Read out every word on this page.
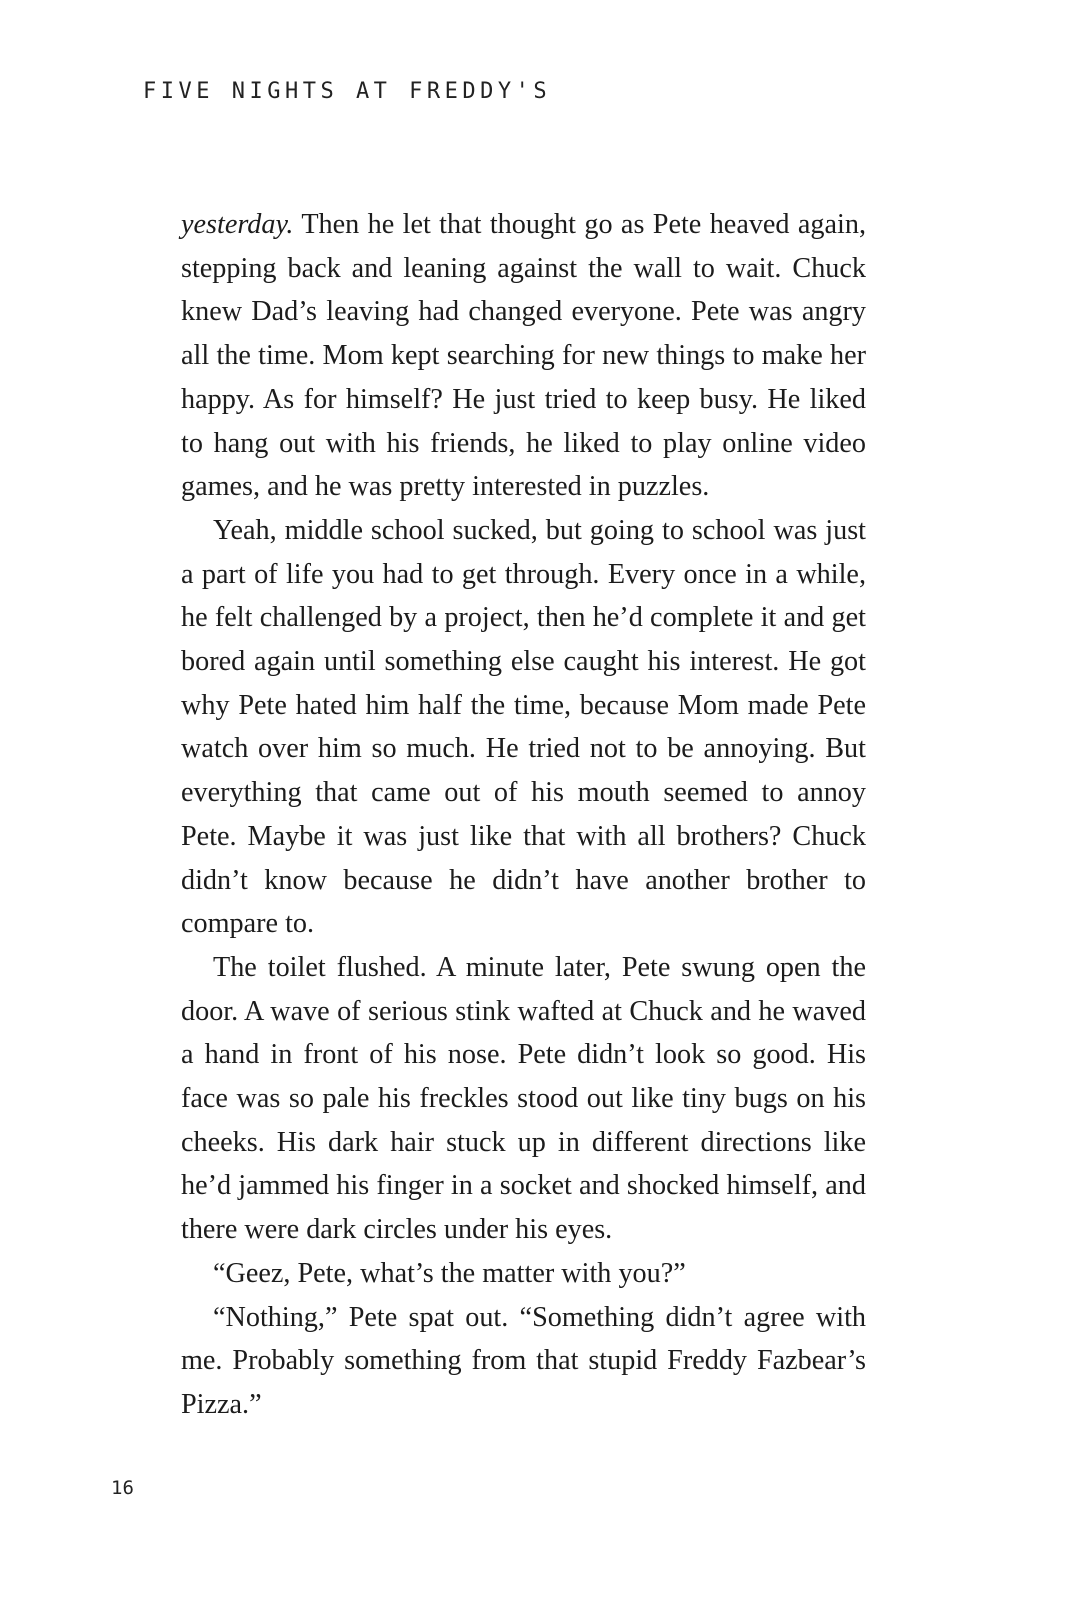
FIVE NIGHTS AT FREDDY'S

yesterday. Then he let that thought go as Pete heaved again, stepping back and leaning against the wall to wait. Chuck knew Dad’s leaving had changed everyone. Pete was angry all the time. Mom kept searching for new things to make her happy. As for himself? He just tried to keep busy. He liked to hang out with his friends, he liked to play online video games, and he was pretty interested in puzzles.

Yeah, middle school sucked, but going to school was just a part of life you had to get through. Every once in a while, he felt challenged by a project, then he’d complete it and get bored again until something else caught his interest. He got why Pete hated him half the time, because Mom made Pete watch over him so much. He tried not to be annoying. But everything that came out of his mouth seemed to annoy Pete. Maybe it was just like that with all brothers? Chuck didn’t know because he didn’t have another brother to compare to.

The toilet flushed. A minute later, Pete swung open the door. A wave of serious stink wafted at Chuck and he waved a hand in front of his nose. Pete didn’t look so good. His face was so pale his freckles stood out like tiny bugs on his cheeks. His dark hair stuck up in different directions like he’d jammed his finger in a socket and shocked himself, and there were dark circles under his eyes.

“Geez, Pete, what’s the matter with you?”

“Nothing,” Pete spat out. “Something didn’t agree with me. Probably something from that stupid Freddy Fazbear’s Pizza.”

16
